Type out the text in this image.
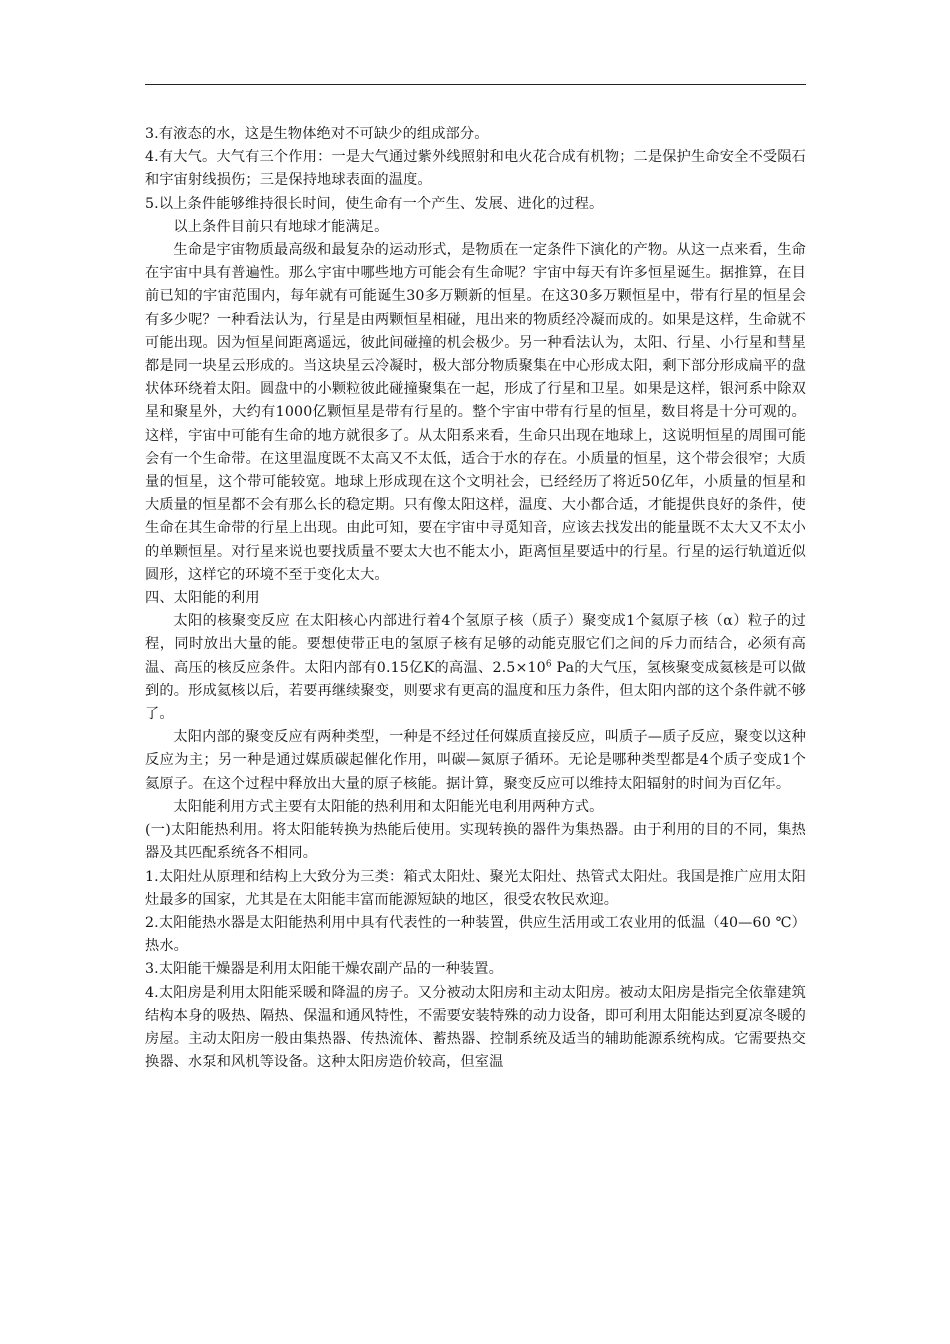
3.有液态的水，这是生物体绝对不可缺少的组成部分。

4.有大气。大气有三个作用：一是大气通过紫外线照射和电火花合成有机物；二是保护生命安全不受陨石和宇宙射线损伤；三是保持地球表面的温度。

5.以上条件能够维持很长时间，使生命有一个产生、发展、进化的过程。

以上条件目前只有地球才能满足。

生命是宇宙物质最高级和最复杂的运动形式，是物质在一定条件下演化的产物。从这一点来看，生命在宇宙中具有普遍性。那么宇宙中哪些地方可能会有生命呢？宇宙中每天有许多恒星诞生。据推算，在目前已知的宇宙范围内，每年就有可能诞生30多万颗新的恒星。在这30多万颗恒星中，带有行星的恒星会有多少呢？一种看法认为，行星是由两颗恒星相碰，甩出来的物质经冷凝而成的。如果是这样，生命就不可能出现。因为恒星间距离遥远，彼此间碰撞的机会极少。另一种看法认为，太阳、行星、小行星和彗星都是同一块星云形成的。当这块星云冷凝时，极大部分物质聚集在中心形成太阳，剩下部分形成扁平的盘状体环绕着太阳。圆盘中的小颗粒彼此碰撞聚集在一起，形成了行星和卫星。如果是这样，银河系中除双星和聚星外，大约有1000亿颗恒星是带有行星的。整个宇宙中带有行星的恒星，数目将是十分可观的。这样，宇宙中可能有生命的地方就很多了。从太阳系来看，生命只出现在地球上，这说明恒星的周围可能会有一个生命带。在这里温度既不太高又不太低，适合于水的存在。小质量的恒星，这个带会很窄；大质量的恒星，这个带可能较宽。地球上形成现在这个文明社会，已经经历了将近50亿年，小质量的恒星和大质量的恒星都不会有那么长的稳定期。只有像太阳这样，温度、大小都合适，才能提供良好的条件，使生命在其生命带的行星上出现。由此可知，要在宇宙中寻觅知音，应该去找发出的能量既不太大又不太小的单颗恒星。对行星来说也要找质量不要太大也不能太小，距离恒星要适中的行星。行星的运行轨道近似圆形，这样它的环境不至于变化太大。

四、太阳能的利用

太阳的核聚变反应 在太阳核心内部进行着4个氢原子核（质子）聚变成1个氦原子核（α）粒子的过程，同时放出大量的能。要想使带正电的氢原子核有足够的动能克服它们之间的斥力而结合，必须有高温、高压的核反应条件。太阳内部有0.15亿K的高温、$2.5\times 10^6$ Pa的大气压，氢核聚变成氦核是可以做到的。形成氦核以后，若要再继续聚变，则要求有更高的温度和压力条件，但太阳内部的这个条件就不够了。

太阳内部的聚变反应有两种类型，一种是不经过任何媒质直接反应，叫质子—质子反应，聚变以这种反应为主；另一种是通过媒质碳起催化作用，叫碳—氮原子循环。无论是哪种类型都是4个质子变成1个氦原子。在这个过程中释放出大量的原子核能。据计算，聚变反应可以维持太阳辐射的时间为百亿年。

太阳能利用方式主要有太阳能的热利用和太阳能光电利用两种方式。

(一)太阳能热利用。将太阳能转换为热能后使用。实现转换的器件为集热器。由于利用的目的不同，集热器及其匹配系统各不相同。

1.太阳灶从原理和结构上大致分为三类：箱式太阳灶、聚光太阳灶、热管式太阳灶。我国是推广应用太阳灶最多的国家，尤其是在太阳能丰富而能源短缺的地区，很受农牧民欢迎。

2.太阳能热水器是太阳能热利用中具有代表性的一种装置，供应生活用或工农业用的低温（40—60 ℃）热水。

3.太阳能干燥器是利用太阳能干燥农副产品的一种装置。

4.太阳房是利用太阳能采暖和降温的房子。又分被动太阳房和主动太阳房。被动太阳房是指完全依靠建筑结构本身的吸热、隔热、保温和通风特性，不需要安装特殊的动力设备，即可利用太阳能达到夏凉冬暖的房屋。主动太阳房一般由集热器、传热流体、蓄热器、控制系统及适当的辅助能源系统构成。它需要热交换器、水泵和风机等设备。这种太阳房造价较高，但室温
